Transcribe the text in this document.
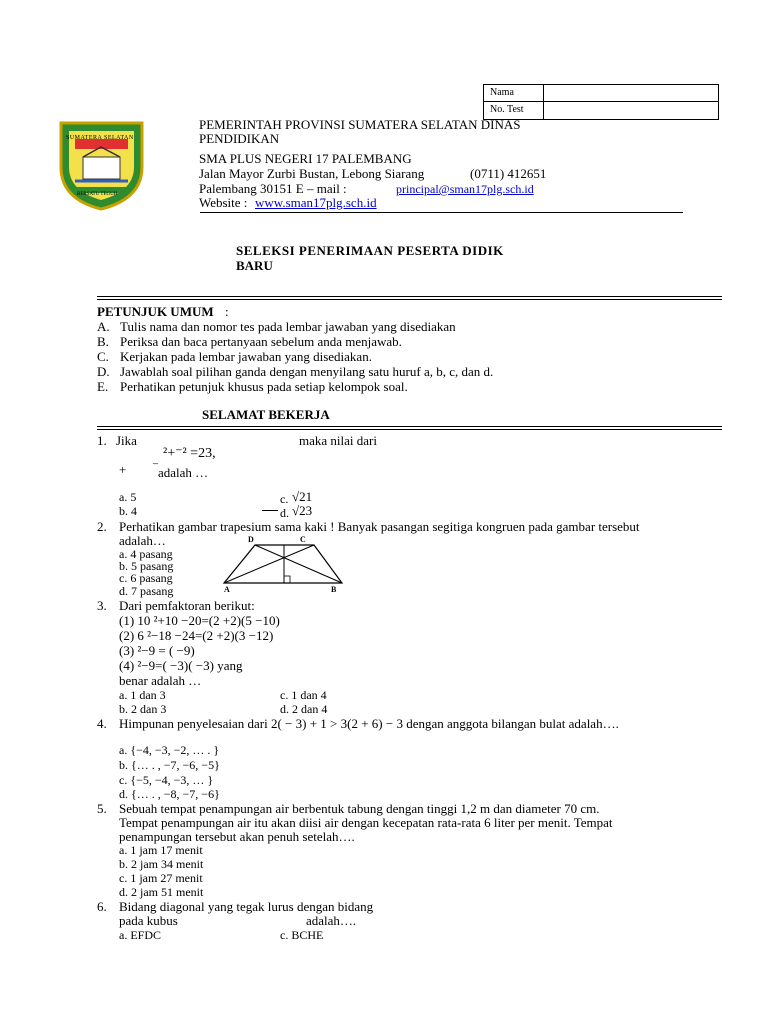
Nama
No. Test
SUMATERA SELATAN
BERSATU TEGUH
PEMERINTAH PROVINSI SUMATERA SELATAN DINAS
PENDIDIKAN
SMA PLUS NEGERI 17 PALEMBANG
Jalan Mayor Zurbi Bustan, Lebong Siarang	(0711) 412651
Palembang 30151 E – mail :	principal@sman17plg.sch.id
Website : www.sman17plg.sch.id
SELEKSI PENERIMAAN PESERTA DIDIK
BARU
PETUNJUK UMUM :
A. Tulis nama dan nomor tes pada lembar jawaban yang disediakan
B. Periksa dan baca pertanyaan sebelum anda menjawab.
C. Kerjakan pada lembar jawaban yang disediakan.
D. Jawablah soal pilihan ganda dengan menyilang satu huruf a, b, c, dan d.
E. Perhatikan petunjuk khusus pada setiap kelompok soal.
SELAMAT BEKERJA
1. Jika
²+⁻² =23,
maka nilai dari
+ ⁻ adalah …
a. 5
b. 4
c. √21
d. √23
2. Perhatikan gambar trapesium sama kaki ! Banyak pasangan segitiga kongruen pada gambar tersebut
adalah…
a. 4 pasang
b. 5 pasang
c. 6 pasang
d. 7 pasang
D	C
A	B
3. Dari pemfaktoran berikut:
(1) 10 ²+10 −20=(2 +2)(5 −10)
(2) 6 ²−18 −24=(2 +2)(3 −12)
(3) ²−9 = ( −9)
(4) ²−9=( −3)( −3) yang
benar adalah …
a. 1 dan 3
b. 2 dan 3
c. 1 dan 4
d. 2 dan 4
4. Himpunan penyelesaian dari 2( − 3) + 1 > 3(2 + 6) − 3 dengan anggota bilangan bulat adalah….
a. {−4, −3, −2, … . }
b. {… . , −7, −6, −5}
c. {−5, −4, −3, … }
d. {… . , −8, −7, −6}
5. Sebuah tempat penampungan air berbentuk tabung dengan tinggi 1,2 m dan diameter 70 cm.
Tempat penampungan air itu akan diisi air dengan kecepatan rata-rata 6 liter per menit. Tempat
penampungan tersebut akan penuh setelah….
a. 1 jam 17 menit
b. 2 jam 34 menit
c. 1 jam 27 menit
d. 2 jam 51 menit
6. Bidang diagonal yang tegak lurus dengan bidang
pada kubus	adalah….
a. EFDC	c. BCHE
